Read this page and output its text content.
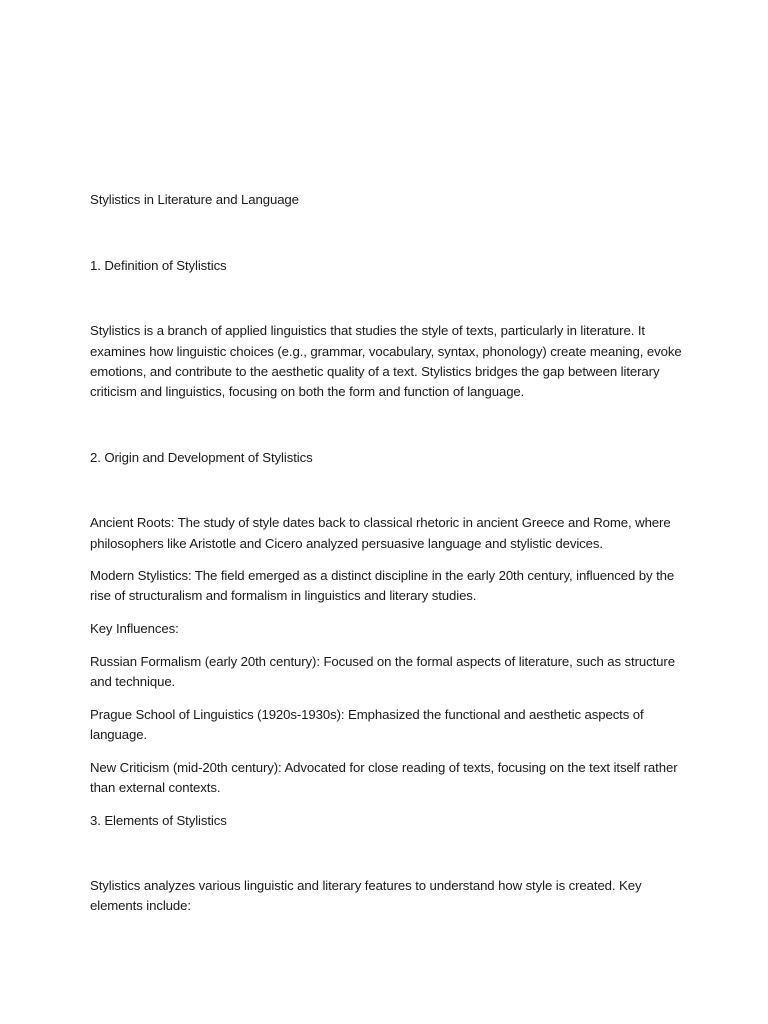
Stylistics in Literature and Language
1. Definition of Stylistics
Stylistics is a branch of applied linguistics that studies the style of texts, particularly in literature. It
examines how linguistic choices (e.g., grammar, vocabulary, syntax, phonology) create meaning, evoke
emotions, and contribute to the aesthetic quality of a text. Stylistics bridges the gap between literary
criticism and linguistics, focusing on both the form and function of language.
2. Origin and Development of Stylistics
Ancient Roots: The study of style dates back to classical rhetoric in ancient Greece and Rome, where
philosophers like Aristotle and Cicero analyzed persuasive language and stylistic devices.
Modern Stylistics: The field emerged as a distinct discipline in the early 20th century, influenced by the
rise of structuralism and formalism in linguistics and literary studies.
Key Influences:
Russian Formalism (early 20th century): Focused on the formal aspects of literature, such as structure
and technique.
Prague School of Linguistics (1920s-1930s): Emphasized the functional and aesthetic aspects of
language.
New Criticism (mid-20th century): Advocated for close reading of texts, focusing on the text itself rather
than external contexts.
3. Elements of Stylistics
Stylistics analyzes various linguistic and literary features to understand how style is created. Key
elements include:
